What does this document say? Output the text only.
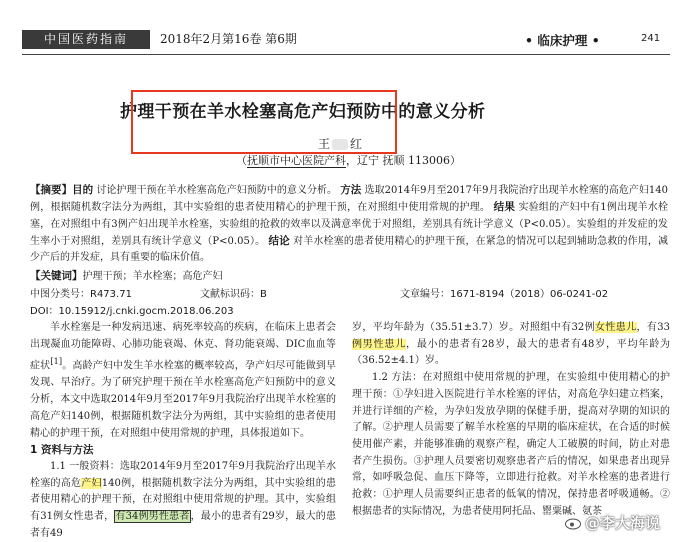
中国医药指南	2018年2月第16卷 第6期	• 临床护理 •	241
护理干预在羊水栓塞高危产妇预防中的意义分析
王 红
（抚顺市中心医院产科，辽宁 抚顺 113006）
【摘要】目的 讨论护理干预在羊水栓塞高危产妇预防中的意义分析。 方法 选取2014年9月至2017年9月我院治疗出现羊水栓塞的高危产妇140例，根据随机数字法分为两组，其中实验组的患者使用精心的护理干预，在对照组中使用常规的护理。 结果 实验组的产妇中有1例出现羊水栓塞，在对照组中有3例产妇出现羊水栓塞，实验组的抢救的效率以及满意率优于对照组，差别具有统计学意义（P<0.05）。实验组的并发症的发生率小于对照组，差别具有统计学意义（P<0.05）。 结论 对羊水栓塞的患者使用精心的护理干预，在紧急的情况可以起到辅助急救的作用，减少产后的并发症，具有重要的临床价值。
【关键词】护理干预；羊水栓塞；高危产妇
中图分类号：R473.71	文献标识码：B	文章编号：1671-8194（2018）06-0241-02
DOI：10.15912/j.cnki.gocm.2018.06.203

羊水栓塞是一种发病迅速、病死率较高的疾病，在临床上患者会出现凝血功能障碍、心肺功能衰竭、休克、肾功能衰竭、DIC血血等症状[1]。高龄产妇中发生羊水栓塞的概率较高，孕产妇尽可能做到早发现、早治疗。为了研究护理干预在羊水栓塞高危产妇预防中的意义分析，本文中选取2014年9月至2017年9月我院治疗出现羊水栓塞的高危产妇140例，根据随机数字法分为两组，其中实验组的患者使用精心的护理干预，在对照组中使用常规的护理，具体报道如下。

1 资料与方法

1.1 一般资料：选取2014年9月至2017年9月我院治疗出现羊水栓塞的高危产妇140例，根据随机数字法分为两组，其中实验组的患者使用精心的护理干预，在对照组中使用常规的护理。其中，实验组有31例女性患者，有34例男性患者，最小的患者有29岁，最大的患者有49

岁，平均年龄为（35.51±3.7）岁。对照组中有32例女性患儿，有33例男性患儿，最小的患者有28岁，最大的患者有48岁，平均年龄为（36.52±4.1）岁。

1.2 方法：在对照组中使用常规的护理，在实验组中使用精心的护理干预：①孕妇进入医院进行羊水栓塞的评估，对高危孕妇建立档案，并进行详细的产检，为孕妇发放孕期的保健手册，提高对孕期的知识的了解。②护理人员需要了解羊水栓塞的早期的临床症状，在合适的时候使用催产素，并能够准确的观察产程，确定人工破膜的时间，防止对患者产生损伤。③护理人员要密切观察患者产后的情况，如果患者出现异常，如呼吸急促、血压下降等，立即进行抢救。对羊水栓塞的患者进行抢救：①护理人员需要纠正患者的低氧的情况，保持患者呼吸通畅。②根据患者的实际情况，为患者使用阿托品、罂粟碱、氨茶

@李大海说
